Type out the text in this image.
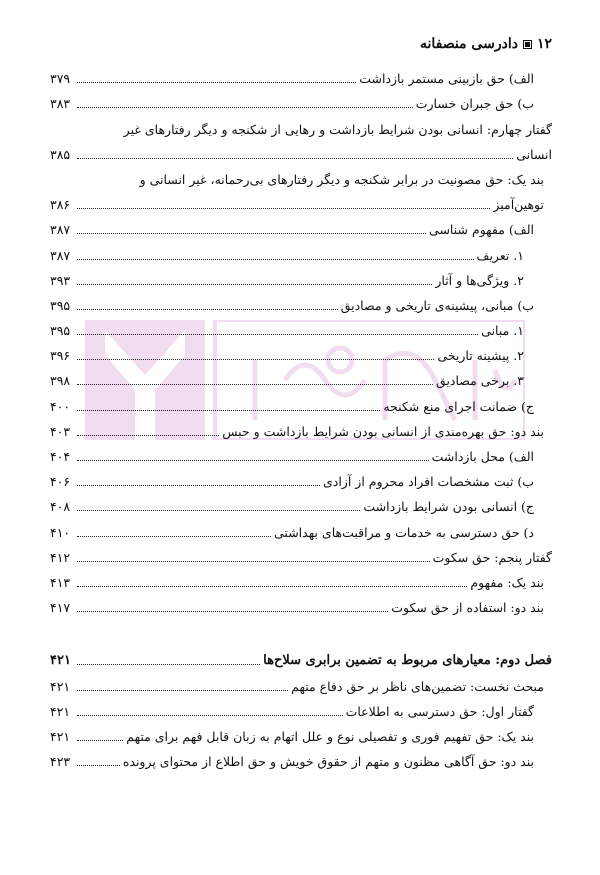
۱۲
دادرسی منصفانه
الف) حق بازبینی مستمر بازداشت
۳۷۹
ب) حق جبران خسارت
۳۸۳
گفتار چهارم: انسانی بودن شرایط بازداشت و رهایی از شکنجه و دیگر رفتارهای غیر
انسانی
۳۸۵
بند یک: حق مصونیت در برابر شکنجه و دیگر رفتارهای بی‌رحمانه، غیر انسانی و
توهین‌آمیز
۳۸۶
الف) مفهوم شناسی
۳۸۷
۱. تعریف
۳۸۷
۲. ویژگی‌ها و آثار
۳۹۳
ب) مبانی، پیشینه‌ی تاریخی و مصادیق
۳۹۵
۱. مبانی
۳۹۵
۲. پیشینه تاریخی
۳۹۶
۳. برخی مصادیق
۳۹۸
ج) ضمانت اجرای منع شکنجه
۴۰۰
بند دو: حق بهره‌مندی از انسانی بودن شرایط بازداشت و حبس
۴۰۳
الف) محل بازداشت
۴۰۴
ب) ثبت مشخصات افراد محروم از آزادی
۴۰۶
ج) انسانی بودن شرایط بازداشت
۴۰۸
د) حق دسترسی به خدمات و مراقبت‌های بهداشتی
۴۱۰
گفتار پنجم: حق سکوت
۴۱۲
بند یک: مفهوم
۴۱۳
بند دو: استفاده از حق سکوت
۴۱۷
فصل دوم: معیارهای مربوط به تضمین برابری سلاح‌ها
۴۲۱
مبحث نخست: تضمین‌های ناظر بر حق دفاع متهم
۴۲۱
گفتار اول: حق دسترسی به اطلاعات
۴۲۱
بند یک: حق تفهیم فوری و تفصیلی نوع و علل اتهام به زبان قابل فهم برای متهم
۴۲۱
بند دو: حق آگاهی مظنون و متهم از حقوق خویش و حق اطلاع از محتوای پرونده
۴۲۳
